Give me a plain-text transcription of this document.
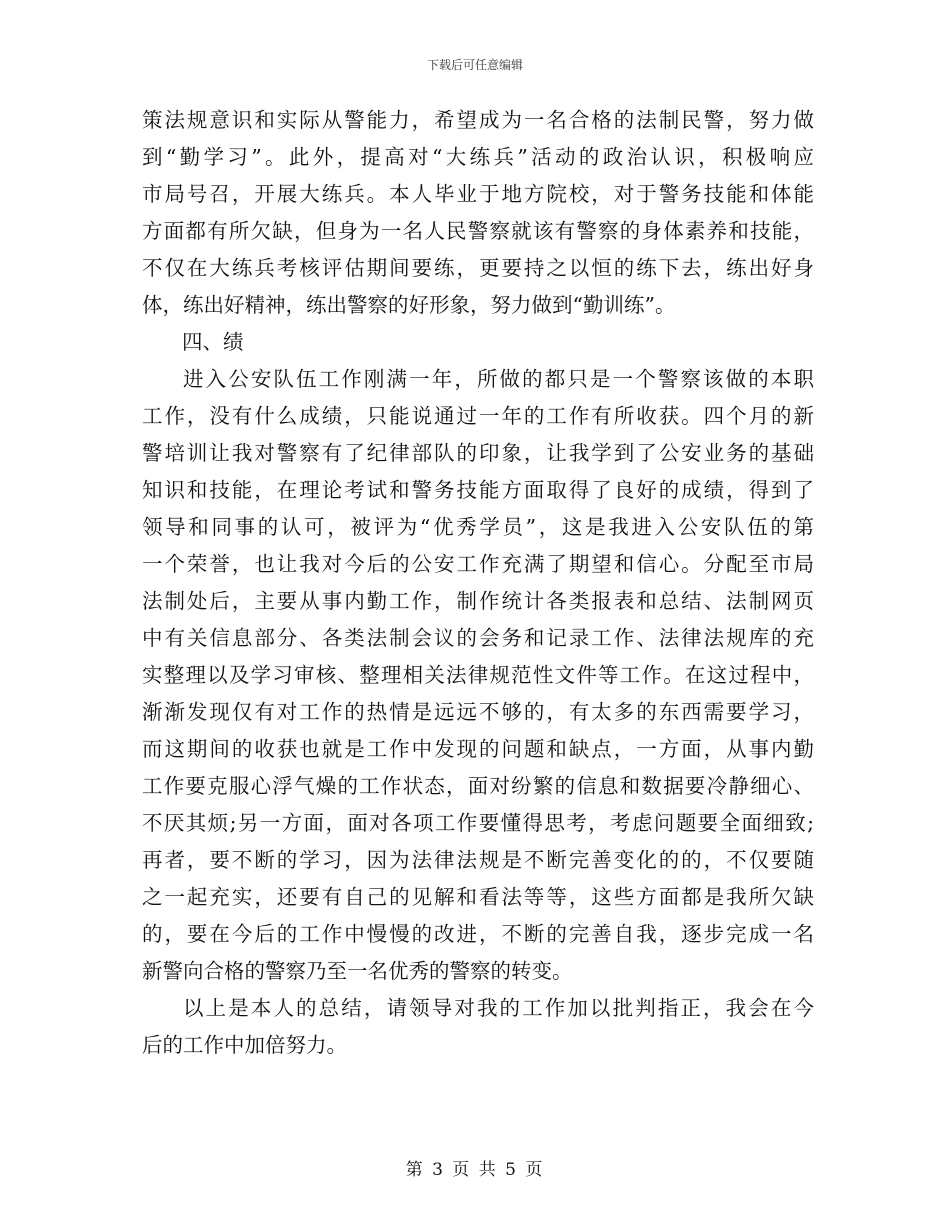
下载后可任意编辑
策法规意识和实际从警能力，希望成为一名合格的法制民警，努力做
到“勤学习”。此外，提高对“大练兵”活动的政治认识，积极响应
市局号召，开展大练兵。本人毕业于地方院校，对于警务技能和体能
方面都有所欠缺，但身为一名人民警察就该有警察的身体素养和技能，
不仅在大练兵考核评估期间要练，更要持之以恒的练下去，练出好身
体，练出好精神，练出警察的好形象，努力做到“勤训练”。
四、绩
进入公安队伍工作刚满一年，所做的都只是一个警察该做的本职
工作，没有什么成绩，只能说通过一年的工作有所收获。四个月的新
警培训让我对警察有了纪律部队的印象，让我学到了公安业务的基础
知识和技能，在理论考试和警务技能方面取得了良好的成绩，得到了
领导和同事的认可，被评为“优秀学员”，这是我进入公安队伍的第
一个荣誉，也让我对今后的公安工作充满了期望和信心。分配至市局
法制处后，主要从事内勤工作，制作统计各类报表和总结、法制网页
中有关信息部分、各类法制会议的会务和记录工作、法律法规库的充
实整理以及学习审核、整理相关法律规范性文件等工作。在这过程中，
渐渐发现仅有对工作的热情是远远不够的，有太多的东西需要学习，
而这期间的收获也就是工作中发现的问题和缺点，一方面，从事内勤
工作要克服心浮气燥的工作状态，面对纷繁的信息和数据要冷静细心、
不厌其烦;另一方面，面对各项工作要懂得思考，考虑问题要全面细致;
再者，要不断的学习，因为法律法规是不断完善变化的的，不仅要随
之一起充实，还要有自己的见解和看法等等，这些方面都是我所欠缺
的，要在今后的工作中慢慢的改进，不断的完善自我，逐步完成一名
新警向合格的警察乃至一名优秀的警察的转变。
以上是本人的总结，请领导对我的工作加以批判指正，我会在今
后的工作中加倍努力。
第 3 页 共 5 页
